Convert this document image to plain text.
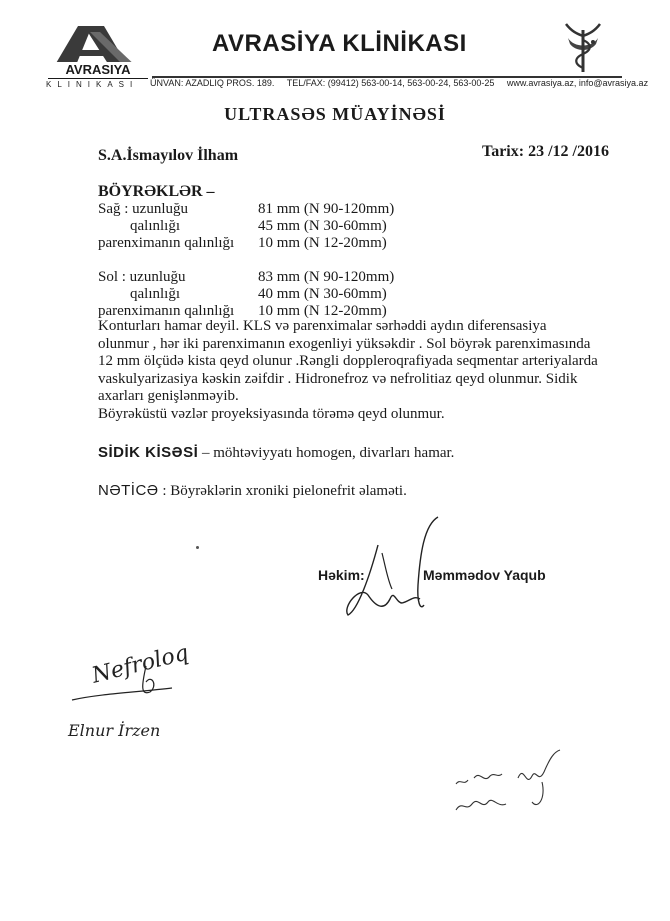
AVRASIYA
KLINIKASI
AVRASİYA KLİNİKASI
ÜNVAN: AZADLIQ PROS. 189. TEL/FAX: (99412) 563-00-14, 563-00-24, 563-00-25 www.avrasiya.az, info@avrasiya.az
ULTRASƏS MÜAYİNƏSİ
S.A.İsmayılov İlham	Tarix: 23 /12 /2016
BÖYRƏKLƏR –
Sağ : uzunluğu	81 mm (N 90-120mm)
qalınlığı	45 mm (N 30-60mm)
parenximanın qalınlığı 10 mm (N 12-20mm)
Sol : uzunluğu	83 mm (N 90-120mm)
qalınlığı	40 mm (N 30-60mm)
parenximanın qalınlığı 10 mm (N 12-20mm)
Konturları hamar deyil. KLS və parenximalar sərhəddi aydın diferensasiya
olunmur , hər iki parenximanın exogenliyi yüksəkdir . Sol böyrək parenximasında
12 mm ölçüdə kista qeyd olunur .Rəngli doppleroqrafiyada seqmentar arteriyalarda
vaskulyarizasiya kəskin zəifdir . Hidronefroz və nefrolitiaz qeyd olunmur. Sidik
axarları genişlənməyib.
Böyrəküstü vəzlər proyeksiyasında törəmə qeyd olunmur.
SİDİK KİSƏSİ – möhtəviyyatı homogen, divarları hamar.
NƏTİCƏ : Böyrəklərin xroniki pielonefrit əlaməti.
Həkim:	Məmmədov Yaqub
Nefroloq
Elnur İrzen
